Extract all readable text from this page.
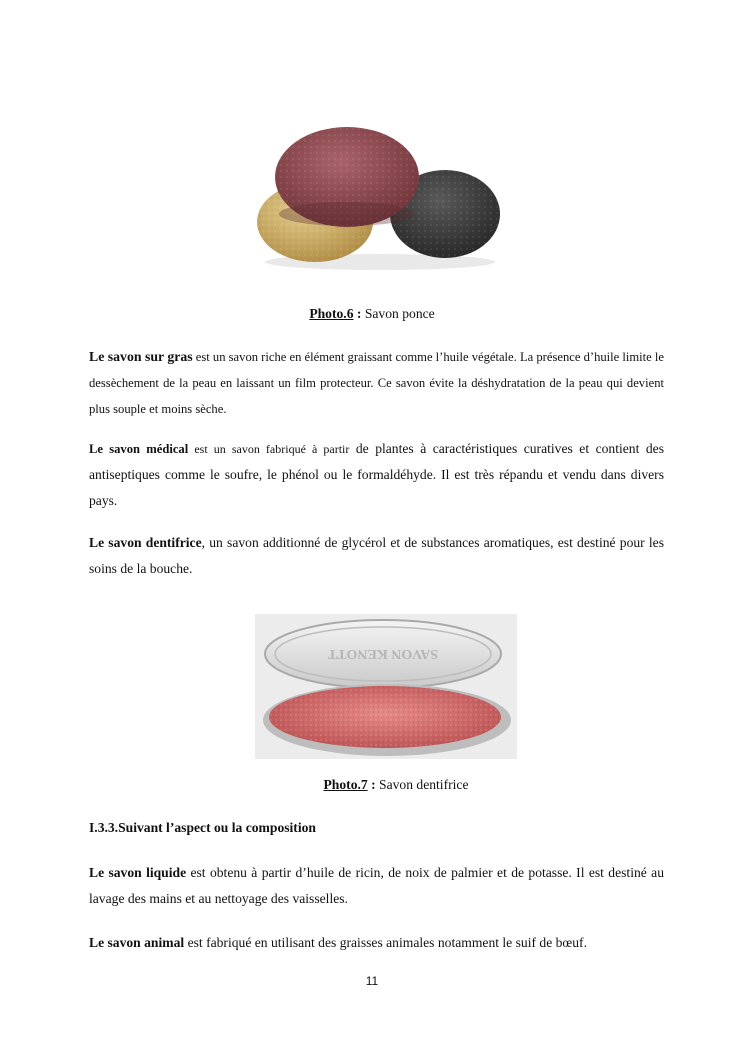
Photo.6 : Savon ponce

Le savon sur gras est un savon riche en élément graissant comme l’huile végétale. La présence d’huile limite le dessèchement de la peau en laissant un film protecteur. Ce savon évite la déshydratation de la peau qui devient plus souple et moins sèche.

Le savon médical est un savon fabriqué à partir de plantes à caractéristiques curatives et contient des antiseptiques comme le soufre, le phénol ou le formaldéhyde. Il est très répandu et vendu dans divers pays.

Le savon dentifrice, un savon additionné de glycérol et de substances aromatiques, est destiné pour les soins de la bouche.

SAVON KENOTT

Photo.7 : Savon dentifrice

I.3.3.Suivant l’aspect ou la composition

Le savon liquide est obtenu à partir d’huile de ricin, de noix de palmier et de potasse. Il est destiné au lavage des mains et au nettoyage des vaisselles.

Le savon animal est fabriqué en utilisant des graisses animales notamment le suif de bœuf.

11
